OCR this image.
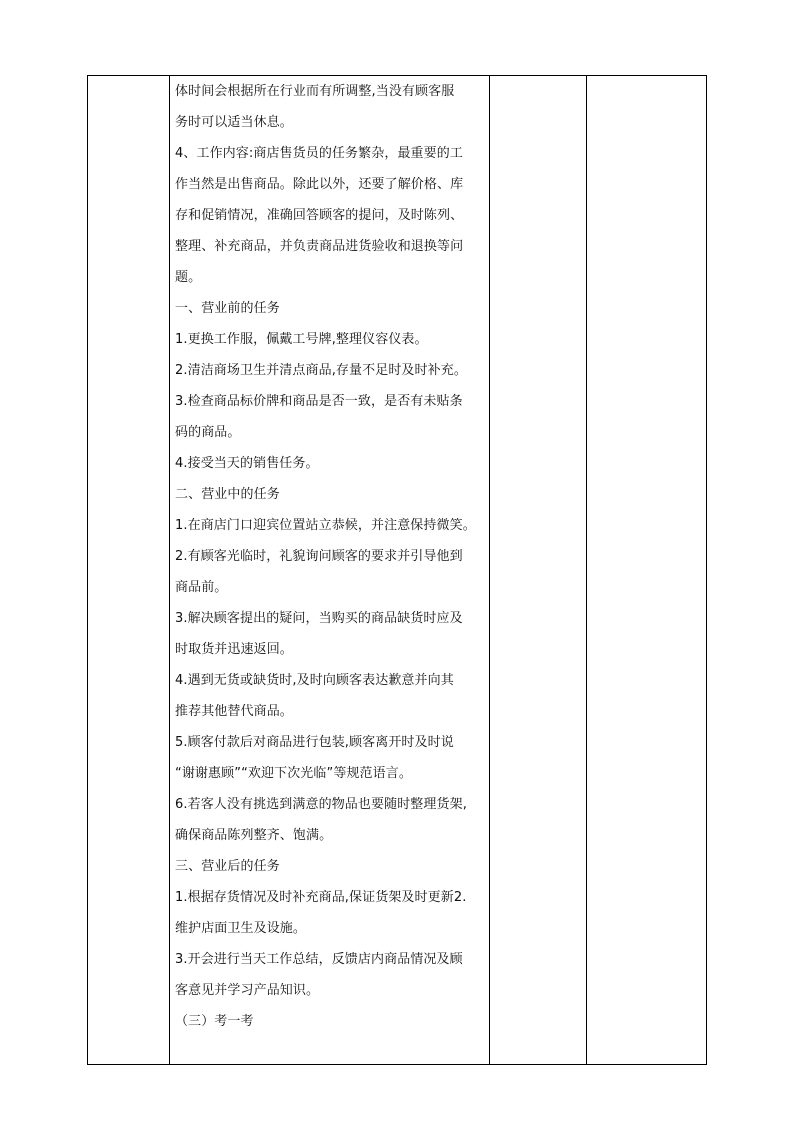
体时间会根据所在行业而有所调整,当没有顾客服
务时可以适当休息。
4、工作内容:商店售货员的任务繁杂，最重要的工
作当然是出售商品。除此以外，还要了解价格、库
存和促销情况，准确回答顾客的提问，及时陈列、
整理、补充商品，并负责商品进货验收和退换等问
题。
一、营业前的任务
1.更换工作服，佩戴工号牌,整理仪容仪表。
2.清洁商场卫生并清点商品,存量不足时及时补充。
3.检查商品标价牌和商品是否一致，是否有未贴条
码的商品。
4.接受当天的销售任务。
二、营业中的任务
1.在商店门口迎宾位置站立恭候，并注意保持微笑。
2.有顾客光临时，礼貌询问顾客的要求并引导他到
商品前。
3.解决顾客提出的疑问，当购买的商品缺货时应及
时取货并迅速返回。
4.遇到无货或缺货时,及时向顾客表达歉意并向其
推荐其他替代商品。
5.顾客付款后对商品进行包装,顾客离开时及时说
“谢谢惠顾”“欢迎下次光临”等规范语言。
6.若客人没有挑选到满意的物品也要随时整理货架,
确保商品陈列整齐、饱满。
三、营业后的任务
1.根据存货情况及时补充商品,保证货架及时更新2.
维护店面卫生及设施。
3.开会进行当天工作总结，反馈店内商品情况及顾
客意见并学习产品知识。
（三）考一考
